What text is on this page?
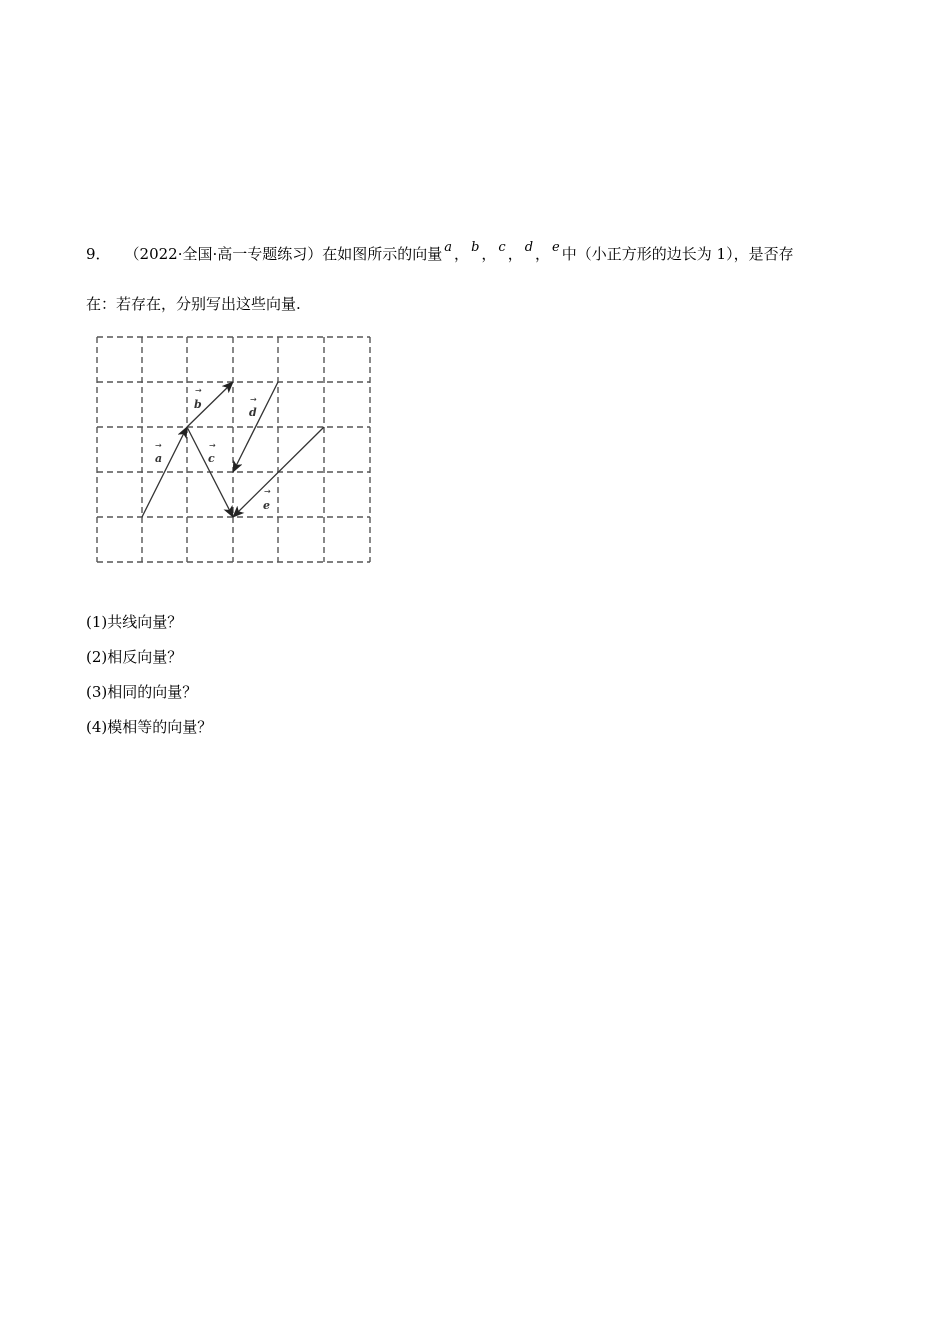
9． （2022·全国·高一专题练习）在如图所示的向量 a ， b ， c ， d ， e 中（小正方形的边长为 1），是否存
在：若存在，分别写出这些向量.
→
a
→
b
→
c
→
d
→
e
(1)共线向量？
(2)相反向量？
(3)相同的向量？
(4)模相等的向量？
